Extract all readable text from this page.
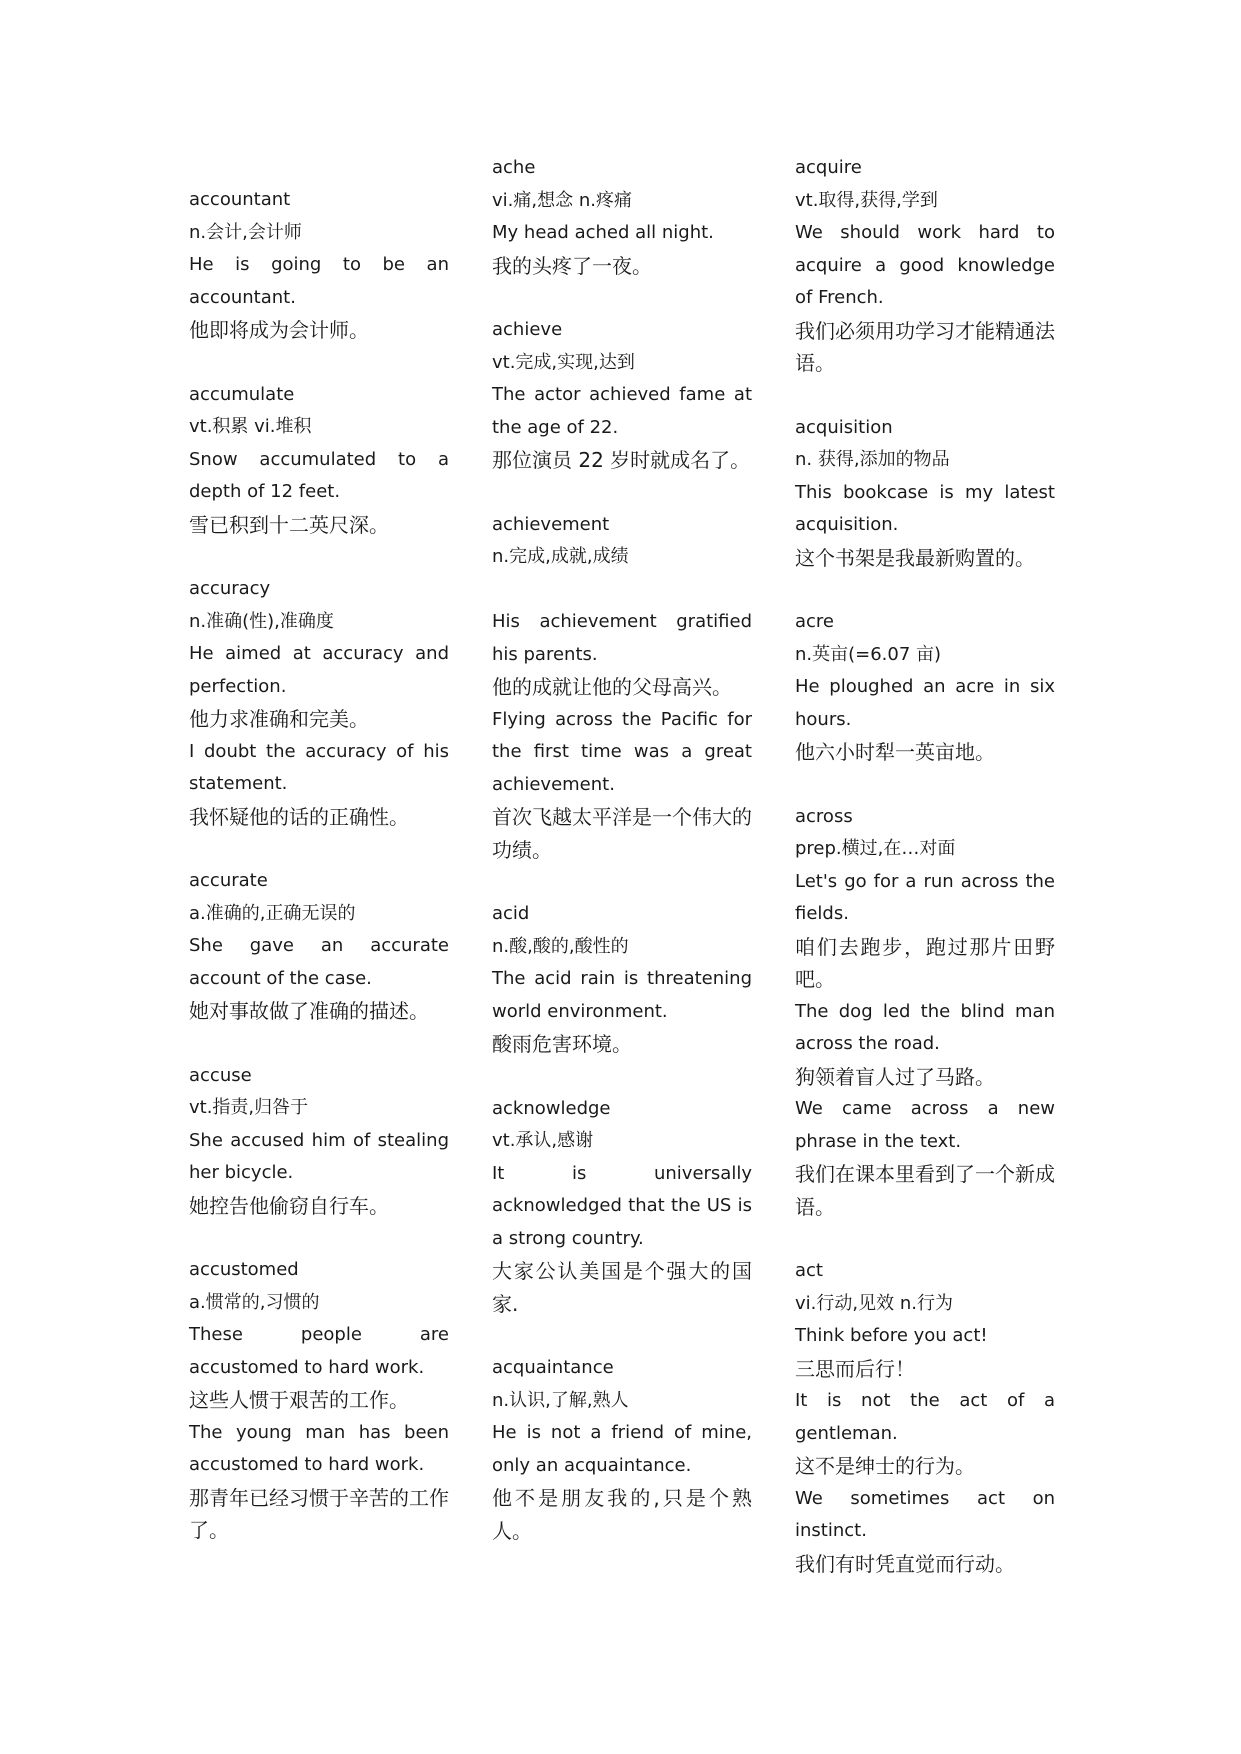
accountant
n.会计,会计师
He is going to be an accountant.
他即将成为会计师。
accumulate
vt.积累 vi.堆积
Snow accumulated to a depth of 12 feet.
雪已积到十二英尺深。
accuracy
n.准确(性),准确度
He aimed at accuracy and perfection.
他力求准确和完美。
I doubt the accuracy of his statement.
我怀疑他的话的正确性。
accurate
a.准确的,正确无误的
She gave an accurate account of the case.
她对事故做了准确的描述。
accuse
vt.指责,归咎于
She accused him of stealing her bicycle.
她控告他偷窃自行车。
accustomed
a.惯常的,习惯的
These people are accustomed to hard work.
这些人惯于艰苦的工作。
The young man has been accustomed to hard work.
那青年已经习惯于辛苦的工作了。
ache
vi.痛,想念 n.疼痛
My head ached all night.
我的头疼了一夜。
achieve
vt.完成,实现,达到
The actor achieved fame at the age of 22.
那位演员 22 岁时就成名了。
achievement
n.完成,成就,成绩
His achievement gratified his parents.
他的成就让他的父母高兴。
Flying across the Pacific for the first time was a great achievement.
首次飞越太平洋是一个伟大的功绩。
acid
n.酸,酸的,酸性的
The acid rain is threatening world environment.
酸雨危害环境。
acknowledge
vt.承认,感谢
It is universally acknowledged that the US is a strong country.
大家公认美国是个强大的国家.
acquaintance
n.认识,了解,熟人
He is not a friend of mine, only an acquaintance.
他不是朋友我的,只是个熟人。
acquire
vt.取得,获得,学到
We should work hard to acquire a good knowledge of French.
我们必须用功学习才能精通法语。
acquisition
n. 获得,添加的物品
This bookcase is my latest acquisition.
这个书架是我最新购置的。
acre
n.英亩(=6.07 亩)
He ploughed an acre in six hours.
他六小时犁一英亩地。
across
prep.横过,在…对面
Let's go for a run across the fields.
咱们去跑步，跑过那片田野吧。
The dog led the blind man across the road.
狗领着盲人过了马路。
We came across a new phrase in the text.
我们在课本里看到了一个新成语。
act
vi.行动,见效 n.行为
Think before you act!
三思而后行！
It is not the act of a gentleman.
这不是绅士的行为。
We sometimes act on instinct.
我们有时凭直觉而行动。
